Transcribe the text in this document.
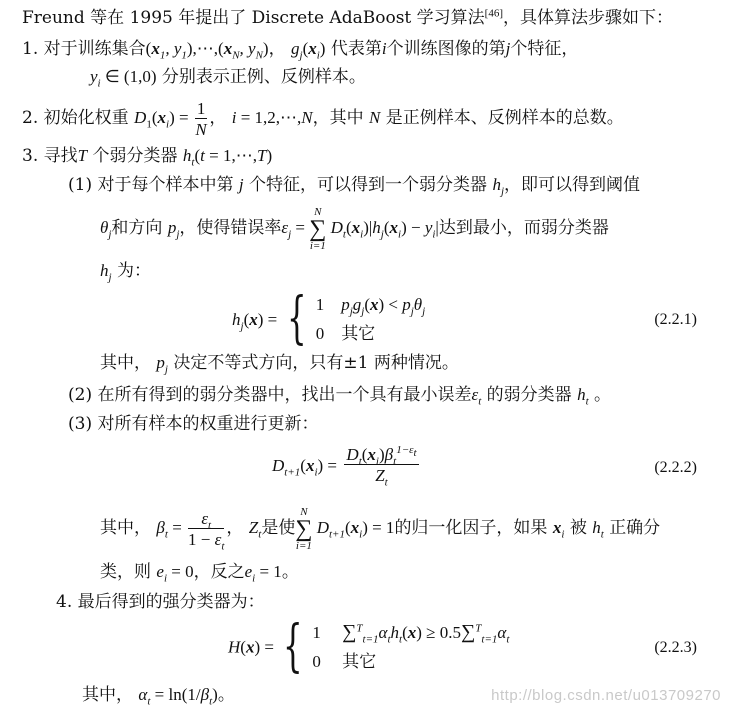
Freund 等在 1995 年提出了 Discrete AdaBoost 学习算法[46]，具体算法步骤如下：
1. 对于训练集合($x_1$, $y_1),\cdots,(x_N$, $y_N$)， $g_j(x_i)$ 代表第i个训练图像的第j个特征，
$y_i$ ∈ (1,0) 分别表示正例、反例样本。
2. 初始化权重 $D_1(x_i) = \frac{1}{N}$ ， i = 1,2,⋯,N，其中 N 是正例样本、反例样本的总数。
3. 寻找T 个弱分类器 $h_t(t$ = 1,⋯,T)
(1) 对于每个样本中第 j 个特征，可以得到一个弱分类器 $h_j$，即可以得到阈值
$\theta_j$和方向 $p_j$，使得错误率$\varepsilon_j$ =
N
∑
i=1
$D_t(x_i)|h_j(x_i) - y_i|$达到最小，而弱分类器
$h_j$ 为：
$h_j(x)$ = { 1    $p_jg_j(x) < p_j\theta_j$
0 其它
(2.2.1)
其中， $p_j$ 决定不等式方向，只有±1 两种情况。
(2) 在所有得到的弱分类器中，找出一个具有最小误差$\varepsilon_t$ 的弱分类器 $h_t$ 。
(3) 对所有样本的权重进行更新：
$D_{t+1}(x_i) = \frac{D_t(x_i)\beta_t^{1-\varepsilon_t}}{Z_t}$	(2.2.2)
其中， $\beta_t = \frac{\varepsilon_t}{1 - \varepsilon_t}$ ， $Z_t$是使
N
∑
i=1
$D_{t+1}(x_i) = 1$的归一化因子，如果 $x_i$ 被 $h_t$ 正确分
类，则 $e_i = 0$，反之$e_i = 1$。
4. 最后得到的强分类器为：
H(x) = { 1 $\sum^T_{t=1}\alpha_th_t(x) \ge 0.5\sum^T_{t=1}\alpha_t$
0 其它
(2.2.3)
其中， $\alpha_t = \ln(1/\beta_t)$。	http://blog.csdn.net/u013709270
